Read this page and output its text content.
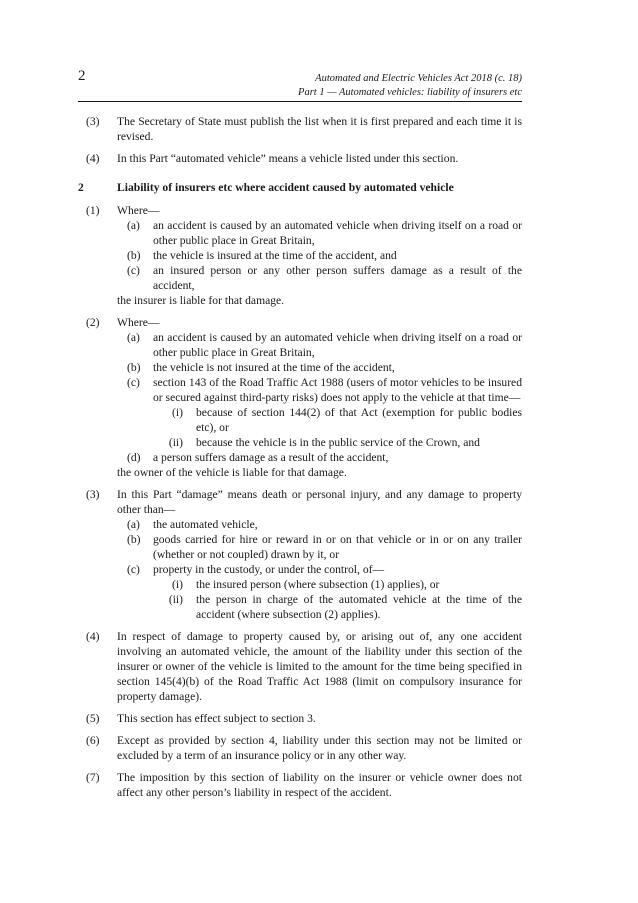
2	Automated and Electric Vehicles Act 2018 (c. 18)
Part 1 — Automated vehicles: liability of insurers etc
(3) The Secretary of State must publish the list when it is first prepared and each time it is revised.
(4) In this Part “automated vehicle” means a vehicle listed under this section.
2	Liability of insurers etc where accident caused by automated vehicle
(1) Where—
(a) an accident is caused by an automated vehicle when driving itself on a road or other public place in Great Britain,
(b) the vehicle is insured at the time of the accident, and
(c) an insured person or any other person suffers damage as a result of the accident,
the insurer is liable for that damage.
(2) Where—
(a) an accident is caused by an automated vehicle when driving itself on a road or other public place in Great Britain,
(b) the vehicle is not insured at the time of the accident,
(c) section 143 of the Road Traffic Act 1988 (users of motor vehicles to be insured or secured against third-party risks) does not apply to the vehicle at that time—
(i) because of section 144(2) of that Act (exemption for public bodies etc), or
(ii) because the vehicle is in the public service of the Crown, and
(d) a person suffers damage as a result of the accident,
the owner of the vehicle is liable for that damage.
(3) In this Part “damage” means death or personal injury, and any damage to property other than—
(a) the automated vehicle,
(b) goods carried for hire or reward in or on that vehicle or in or on any trailer (whether or not coupled) drawn by it, or
(c) property in the custody, or under the control, of—
(i) the insured person (where subsection (1) applies), or
(ii) the person in charge of the automated vehicle at the time of the accident (where subsection (2) applies).
(4) In respect of damage to property caused by, or arising out of, any one accident involving an automated vehicle, the amount of the liability under this section of the insurer or owner of the vehicle is limited to the amount for the time being specified in section 145(4)(b) of the Road Traffic Act 1988 (limit on compulsory insurance for property damage).
(5) This section has effect subject to section 3.
(6) Except as provided by section 4, liability under this section may not be limited or excluded by a term of an insurance policy or in any other way.
(7) The imposition by this section of liability on the insurer or vehicle owner does not affect any other person’s liability in respect of the accident.
